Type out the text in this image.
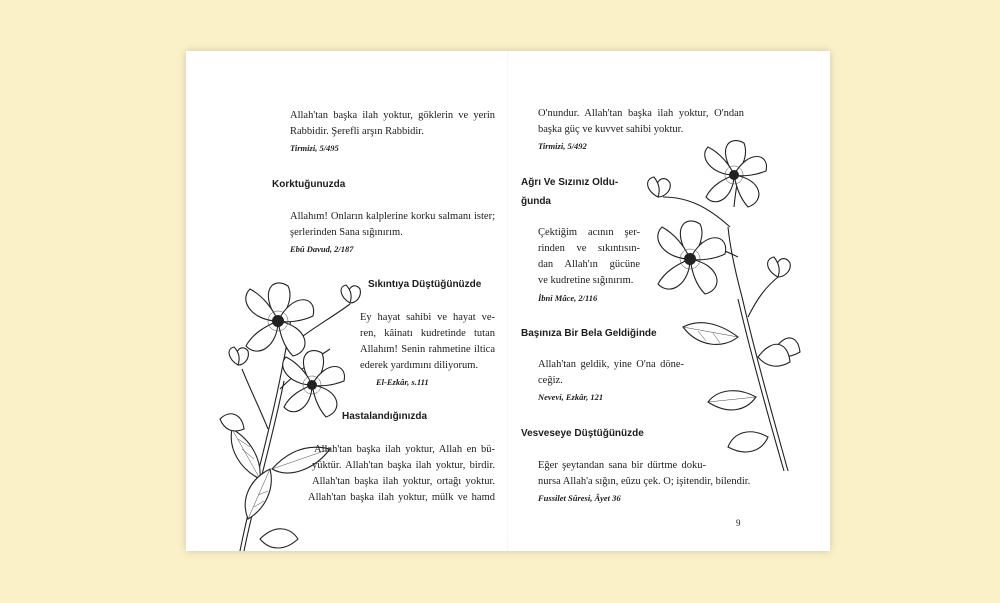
Allah'tan başka ilah yoktur, göklerin ve yerin
Rabbidir. Şerefli arşın Rabbidir.
Tirmizi, 5/495
Korktuğunuzda
Allahım! Onların kalplerine korku salmanı ister;
şerlerinden Sana sığınırım.
Ebû Davud, 2/187
Sıkıntıya Düştüğünüzde
Ey hayat sahibi ve hayat ve-
ren, kâinatı kudretinde tutan
Allahım! Senin rahmetine iltica
ederek yardımını diliyorum.
El-Ezkâr, s.111
Hastalandığınızda
Allah'tan başka ilah yoktur, Allah en bü-
yüktür. Allah'tan başka ilah yoktur, birdir.
Allah'tan başka ilah yoktur, ortağı yoktur.
Allah'tan başka ilah yoktur, mülk ve hamd
O'nundur. Allah'tan başka ilah yoktur, O'ndan
başka güç ve kuvvet sahibi yoktur.
Tirmizi, 5/492
Ağrı Ve Sızınız Oldu-
ğunda
Çektiğim acının şer-
rinden ve sıkıntısın-
dan Allah'ın gücüne
ve kudretine sığınırım.
İbni Mâce, 2/116
Başınıza Bir Bela Geldiğinde
Allah'tan geldik, yine O'na döne-
ceğiz.
Nevevi, Ezkâr, 121
Vesveseye Düştüğünüzde
Eğer şeytandan sana bir dürtme doku-
nursa Allah'a sığın, eûzu çek. O; işitendir, bilendir.
Fussilet Sûresi, Âyet 36
9
